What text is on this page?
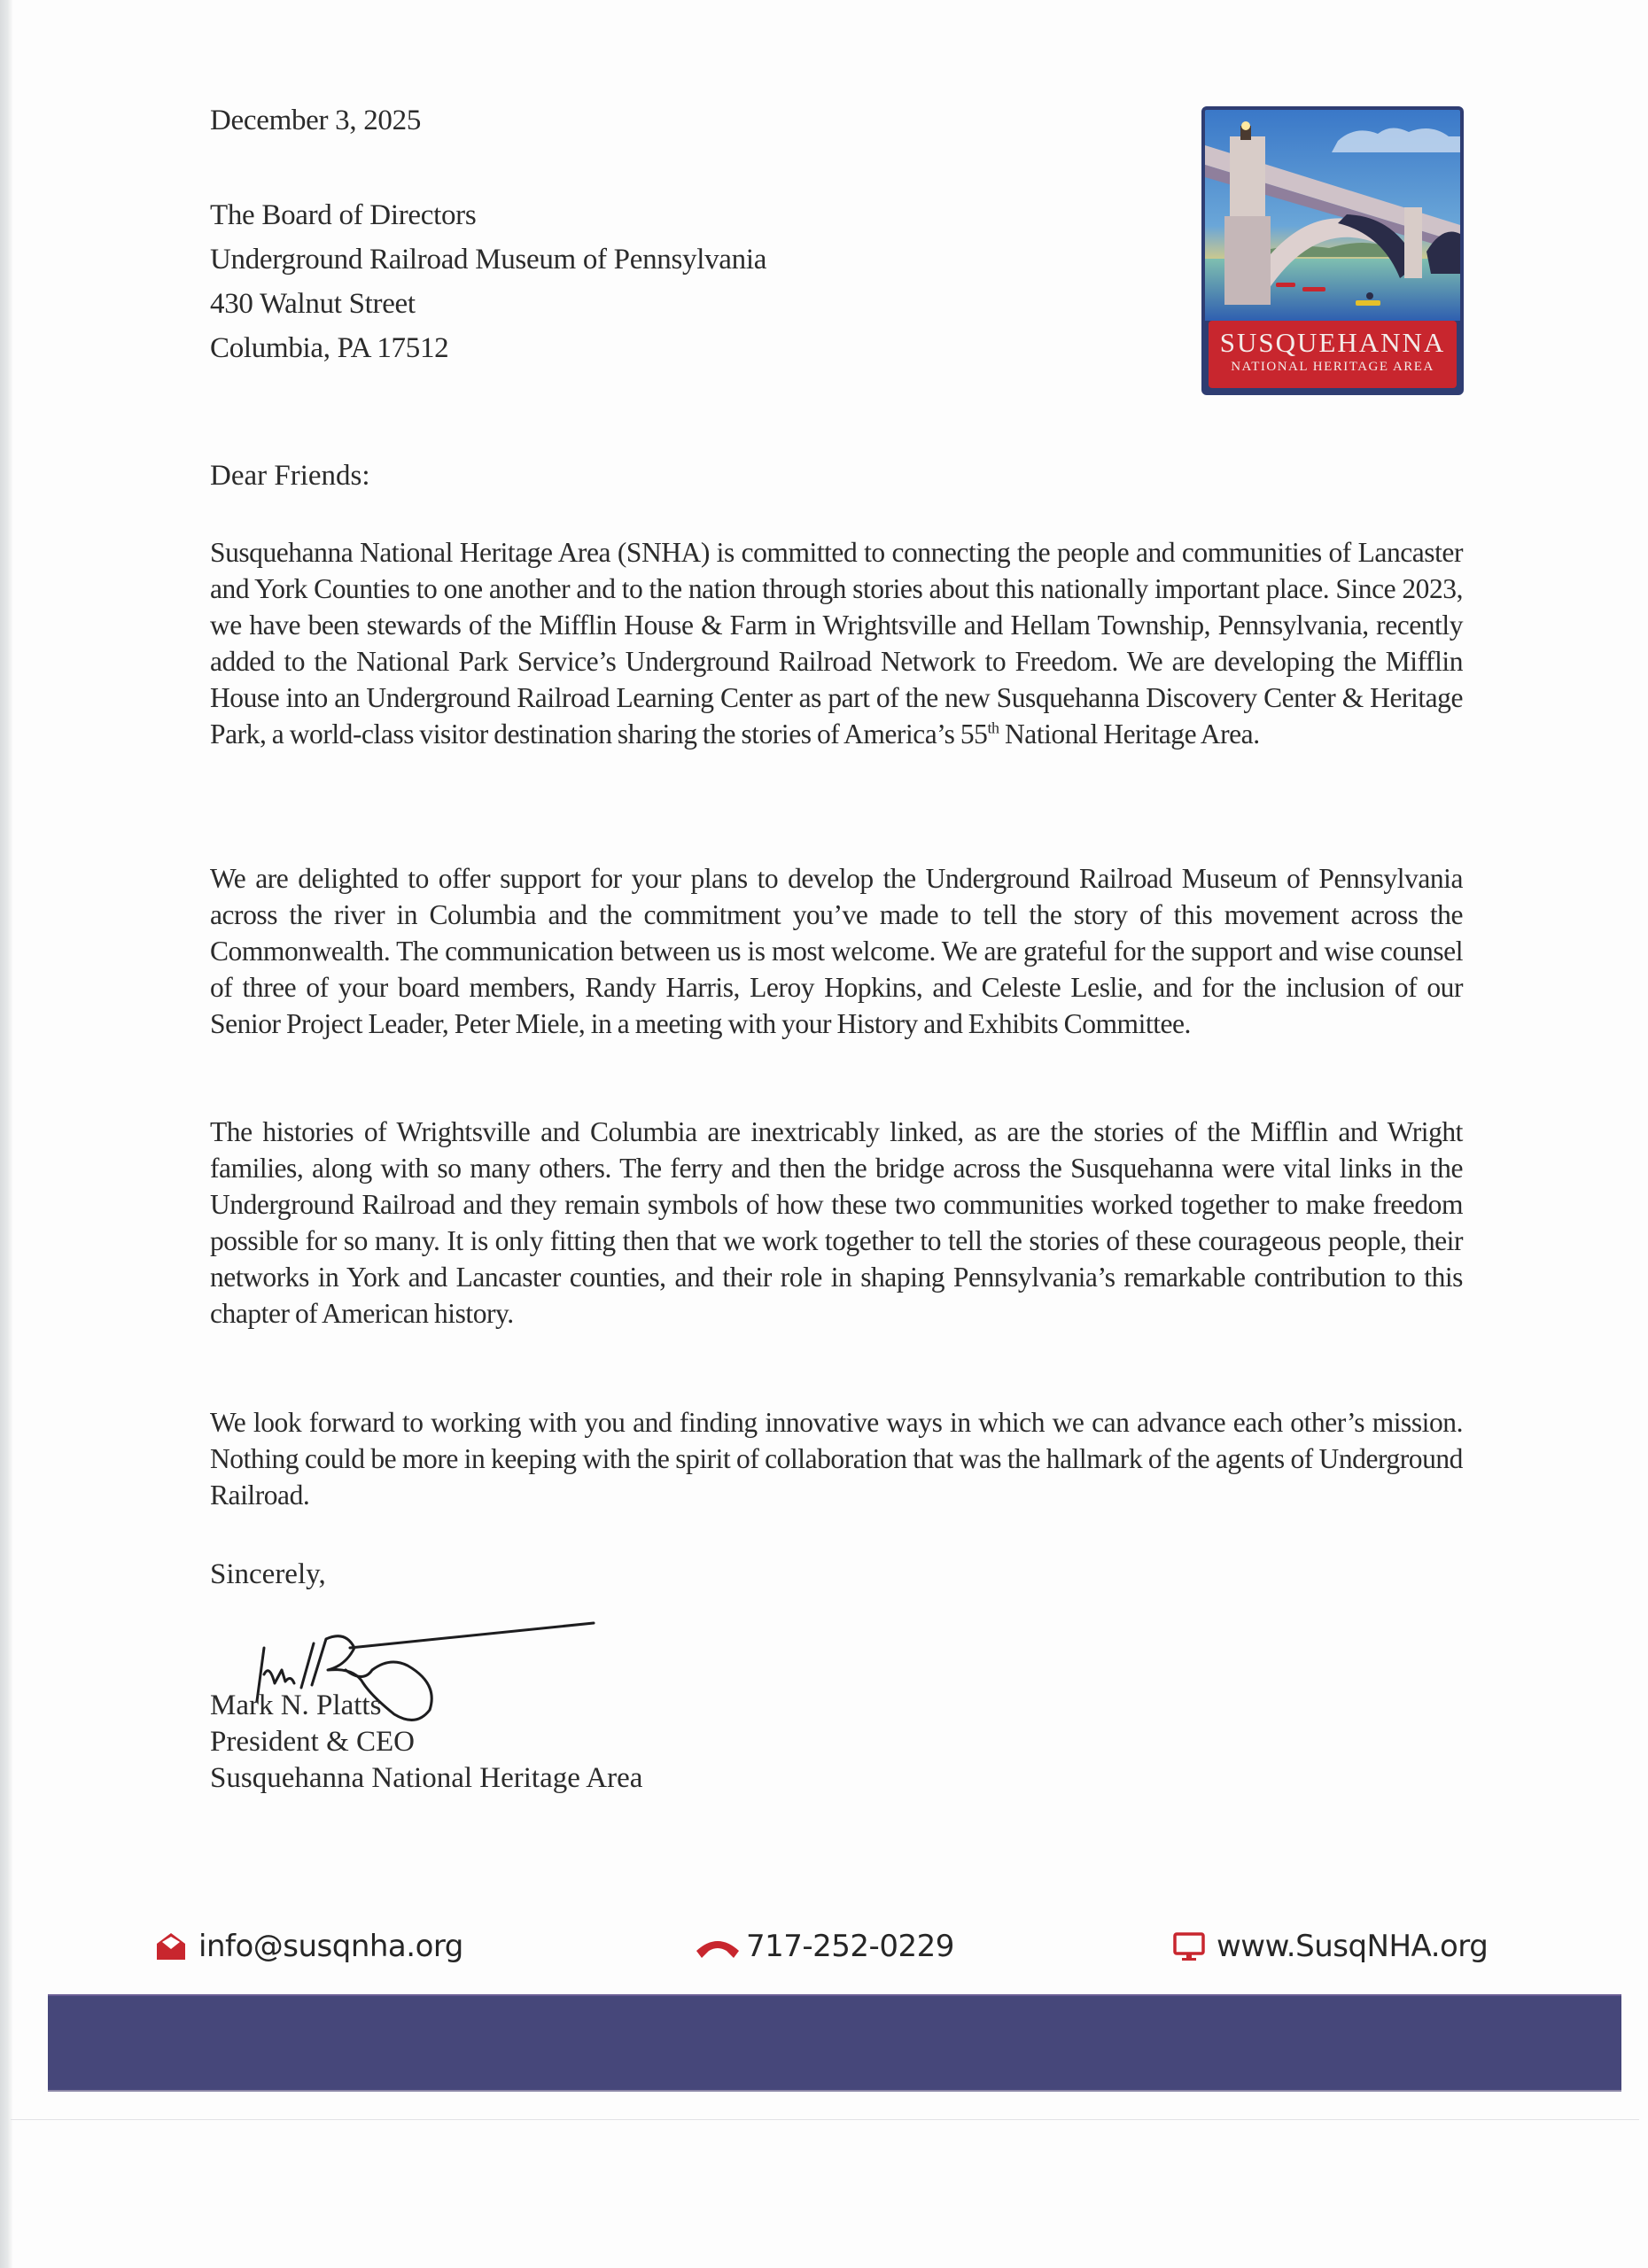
December 3, 2025
The Board of Directors
Underground Railroad Museum of Pennsylvania
430 Walnut Street
Columbia, PA 17512	SUSQUEHANNA
NATIONAL HERITAGE AREA
Dear Friends:
Susquehanna National Heritage Area (SNHA) is committed to connecting the people and communities of Lancaster and York Counties to one another and to the nation through stories about this nationally important place. Since 2023, we have been stewards of the Mifflin House & Farm in Wrightsville and Hellam Township, Pennsylvania, recently added to the National Park Service’s Underground Railroad Network to Freedom. We are developing the Mifflin House into an Underground Railroad Learning Center as part of the new Susquehanna Discovery Center & Heritage Park, a world-class visitor destination sharing the stories of America’s 55th National Heritage Area.
We are delighted to offer support for your plans to develop the Underground Railroad Museum of Pennsylvania across the river in Columbia and the commitment you’ve made to tell the story of this movement across the Commonwealth. The communication between us is most welcome. We are grateful for the support and wise counsel of three of your board members, Randy Harris, Leroy Hopkins, and Celeste Leslie, and for the inclusion of our Senior Project Leader, Peter Miele, in a meeting with your History and Exhibits Committee.
The histories of Wrightsville and Columbia are inextricably linked, as are the stories of the Mifflin and Wright families, along with so many others. The ferry and then the bridge across the Susquehanna were vital links in the Underground Railroad and they remain symbols of how these two communities worked together to make freedom possible for so many. It is only fitting then that we work together to tell the stories of these courageous people, their networks in York and Lancaster counties, and their role in shaping Pennsylvania’s remarkable contribution to this chapter of American history.
We look forward to working with you and finding innovative ways in which we can advance each other’s mission. Nothing could be more in keeping with the spirit of collaboration that was the hallmark of the agents of Underground Railroad.
Sincerely,
Mark N. Platts
President & CEO
Susquehanna National Heritage Area
info@susqnha.org	717-252-0229	www.SusqNHA.org
